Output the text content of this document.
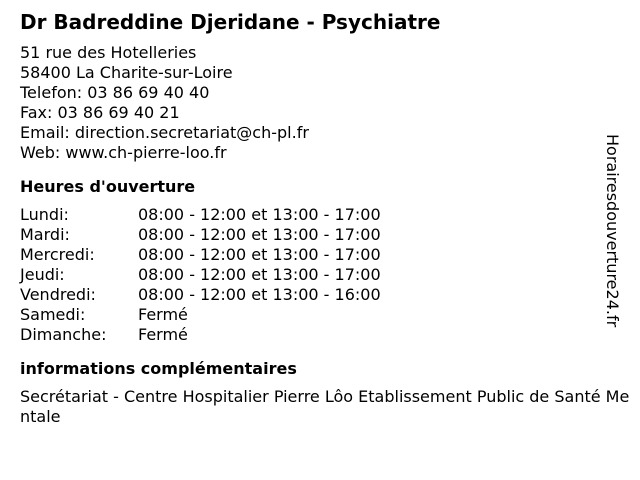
Dr Badreddine Djeridane - Psychiatre
51 rue des Hotelleries
58400 La Charite-sur-Loire
Telefon: 03 86 69 40 40
Fax: 03 86 69 40 21
Email: direction.secretariat@ch-pl.fr
Web: www.ch-pierre-loo.fr
Heures d'ouverture
Lundi:	08:00 - 12:00 et 13:00 - 17:00
Mardi:	08:00 - 12:00 et 13:00 - 17:00
Mercredi:	08:00 - 12:00 et 13:00 - 17:00
Jeudi:	08:00 - 12:00 et 13:00 - 17:00
Vendredi:	08:00 - 12:00 et 13:00 - 16:00
Samedi:	Fermé
Dimanche:	Fermé
informations complémentaires
Secrétariat - Centre Hospitalier Pierre Lôo Etablissement Public de Santé Mentale
Horairesdouverture24.fr
